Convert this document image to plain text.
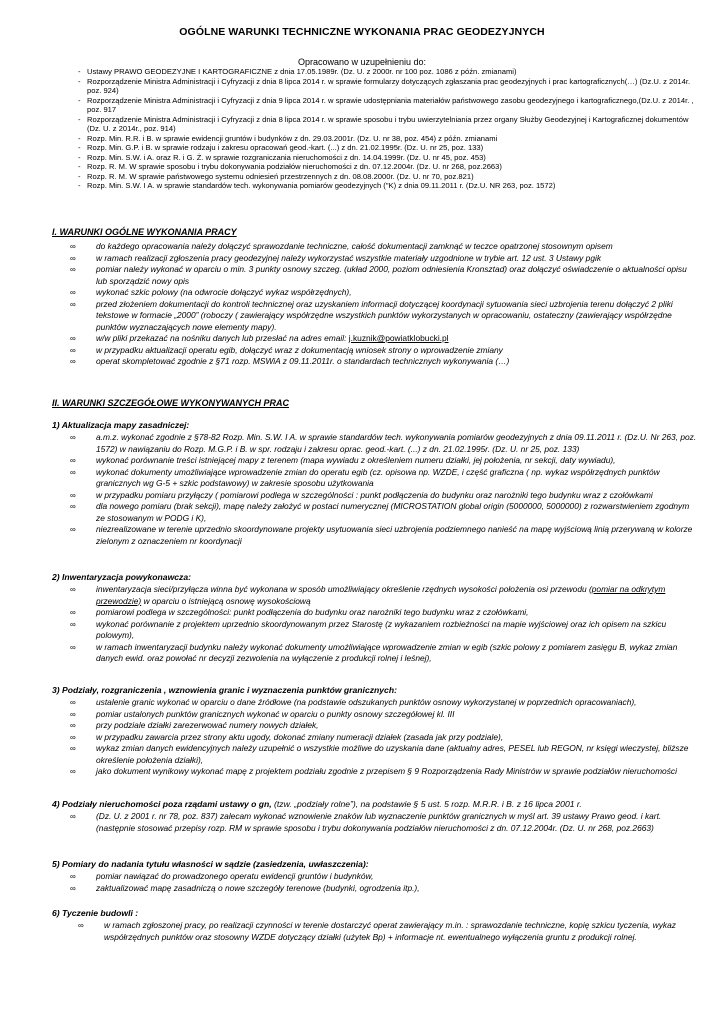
OGÓLNE WARUNKI TECHNICZNE WYKONANIA PRAC GEODEZYJNYCH
Opracowano w uzupełnieniu do:
- Ustawy PRAWO GEODEZYJNE I KARTOGRAFICZNE z dnia 17.05.1989r. (Dz. U. z 2000r. nr 100 poz. 1086 z późn. zmianami)
- Rozporządzenie Ministra Administracji i Cyfryzacji z dnia 8 lipca 2014 r. w sprawie formularzy dotyczących zgłaszania prac geodezyjnych i prac kartograficznych(…) (Dz.U. z 2014r. poz. 924)
- Rozporządzenie Ministra Administracji i Cyfryzacji z dnia 9 lipca 2014 r. w sprawie udostępniania materiałów państwowego zasobu geodezyjnego i kartograficznego,(Dz.U. z 2014r. , poz. 917
- Rozporządzenie Ministra Administracji i Cyfryzacji z dnia 8 lipca 2014 r. w sprawie sposobu i trybu uwierzytelniania przez organy Służby Geodezyjnej i Kartograficznej dokumentów (Dz. U. z 2014r., poz. 914)
- Rozp. Min. R.R. i B. w sprawie ewidencji gruntów i budynków z dn. 29.03.2001r. (Dz. U. nr 38, poz. 454) z późn. zmianami
- Rozp. Min. G.P. i B. w sprawie rodzaju i zakresu opracowań geod.-kart. (...) z dn. 21.02.1995r. (Dz. U. nr 25, poz. 133)
- Rozp. Min. S.W. i A. oraz R. i G. Ż. w sprawie rozgraniczania nieruchomości z dn. 14.04.1999r. (Dz. U. nr 45, poz. 453)
- Rozp. R. M. W sprawie sposobu i trybu dokonywania podziałów nieruchomości z dn. 07.12.2004r. (Dz. U. nr 268, poz.2663)
- Rozp. R. M. W sprawie państwowego systemu odniesień przestrzennych z dn. 08.08.2000r. (Dz. U. nr 70, poz.821)
- Rozp. Min. S.W. I A. w sprawie standardów tech. wykonywania pomiarów geodezyjnych ("K) z dnia 09.11.2011 r. (Dz.U. NR 263, poz. 1572)
I. WARUNKI OGÓLNE WYKONANIA PRACY
∞	do każdego opracowania należy dołączyć sprawozdanie techniczne, całość dokumentacji zamknąć w teczce opatrzonej stosownym opisem
∞	w ramach realizacji zgłoszenia pracy geodezyjnej należy wykorzystać wszystkie materiały uzgodnione w trybie art. 12 ust. 3 Ustawy pgik
∞	pomiar należy wykonać w oparciu o min. 3 punkty osnowy szczeg. (układ 2000, poziom odniesienia Kronsztad) oraz dołączyć oświadczenie o aktualności opisu lub sporządzić nowy opis
∞	wykonać szkic polowy (na odwrocie dołączyć wykaz współrzędnych),
∞	przed złożeniem dokumentacji do kontroli technicznej oraz uzyskaniem informacji dotyczącej koordynacji sytuowania sieci uzbrojenia terenu dołączyć 2 pliki tekstowe w formacie „2000” (roboczy ( zawierający współrzędne wszystkich punktów wykorzystanych w opracowaniu, ostateczny (zawierający współrzędne punktów wyznaczających nowe elementy mapy).
∞	w/w pliki przekazać na nośniku danych lub przesłać na adres email: j.kuznik@powiatklobucki.pl
∞	w przypadku aktualizacji operatu egib, dołączyć wraz z dokumentacją wniosek strony o wprowadzenie zmiany
∞	operat skompletować zgodnie z §71 rozp. MSWiA z 09.11.2011r. o standardach technicznych wykonywania (…)
II. WARUNKI SZCZEGÓŁOWE WYKONYWANYCH PRAC
1) Aktualizacja mapy zasadniczej:
∞	a.m.z. wykonać zgodnie z §78-82 Rozp. Min. S.W. I A. w sprawie standardów tech. wykonywania pomiarów geodezyjnych z dnia 09.11.2011 r. (Dz.U. Nr 263, poz. 1572) w nawiązaniu do Rozp. M.G.P. i B. w spr. rodzaju i zakresu oprac. geod.-kart. (...) z dn. 21.02.1995r. (Dz. U. nr 25, poz. 133)
∞	wykonać porównanie treści istniejącej mapy z terenem (mapa wywiadu z określeniem numeru działki, jej położenia, nr sekcji, daty wywiadu),
∞	wykonać dokumenty umożliwiające wprowadzenie zmian do operatu egib (cz. opisowa np. WZDE, i część graficzna ( np. wykaz współrzędnych punktów granicznych wg G-5 + szkic podstawowy) w zakresie sposobu użytkowania
∞	w przypadku pomiaru przyłączy ( pomiarowi podlega w szczególności : punkt podłączenia do budynku oraz narożniki tego budynku wraz z czołówkami
∞	dla nowego pomiaru (brak sekcji), mapę należy założyć w postaci numerycznej (MICROSTATION global origin (5000000, 5000000) z rozwarstwieniem zgodnym ze stosowanym w PODG i K),
∞	niezrealizowane w terenie uprzednio skoordynowane projekty usytuowania sieci uzbrojenia podziemnego nanieść na mapę wyjściową linią przerywaną w kolorze zielonym z oznaczeniem nr koordynacji
2) Inwentaryzacja powykonawcza:
∞	inwentaryzacja sieci/przyłącza winna być wykonana w sposób umożliwiający określenie rzędnych wysokości położenia osi przewodu (pomiar na odkrytym przewodzie) w oparciu o istniejącą osnowę wysokościową
∞	pomiarowi podlega w szczególności: punkt podłączenia do budynku oraz narożniki tego budynku wraz z czołówkami,
∞	wykonać porównanie z projektem uprzednio skoordynowanym przez Starostę (z wykazaniem rozbieżności na mapie wyjściowej oraz ich opisem na szkicu polowym),
∞	w ramach inwentaryzacji budynku należy wykonać dokumenty umożliwiające wprowadzenie zmian w egib (szkic polowy z pomiarem zasięgu B, wykaz zmian danych ewid. oraz powołać nr decyzji zezwolenia na wyłączenie z produkcji rolnej i leśnej),
3) Podziały, rozgraniczenia , wznowienia granic i wyznaczenia punktów granicznych:
∞	ustalenie granic wykonać w oparciu o dane źródłowe (na podstawie odszukanych punktów osnowy wykorzystanej w poprzednich opracowaniach),
∞	pomiar ustalonych punktów granicznych wykonać w oparciu o punkty osnowy szczegółowej kl. III
∞	przy podziale działki zarezerwować numery nowych działek,
∞	w przypadku zawarcia przez strony aktu ugody, dokonać zmiany numeracji działek (zasada jak przy podziale),
∞	wykaz zmian danych ewidencyjnych należy uzupełnić o wszystkie możliwe do uzyskania dane (aktualny adres, PESEL lub REGON, nr księgi wieczystej, bliższe określenie położenia działki),
∞	jako dokument wynikowy wykonać mapę z projektem podziału zgodnie z przepisem § 9 Rozporządzenia Rady Ministrów w sprawie podziałów nieruchomości
4) Podziały nieruchomości poza rządami ustawy o gn, (tzw. „podziały rolne”), na podstawie § 5 ust. 5 rozp. M.R.R. i B. z 16 lipca 2001 r.
∞	(Dz. U. z 2001 r. nr 78, poz. 837) zalecam wykonać wznowienie znaków lub wyznaczenie punktów granicznych w myśl art. 39 ustawy Prawo geod. i kart. (następnie stosować przepisy rozp. RM w sprawie sposobu i trybu dokonywania podziałów nieruchomości z dn. 07.12.2004r. (Dz. U. nr 268, poz.2663)
5) Pomiary do nadania tytułu własności w sądzie (zasiedzenia, uwłaszczenia):
∞	pomiar nawiązać do prowadzonego operatu ewidencji gruntów i budynków,
∞	zaktualizować mapę zasadniczą o nowe szczegóły terenowe (budynki, ogrodzenia itp.),
6) Tyczenie budowli :
∞	w ramach zgłoszonej pracy, po realizacji czynności w terenie dostarczyć operat zawierający m.in. : sprawozdanie techniczne, kopię szkicu tyczenia, wykaz współrzędnych punktów oraz stosowny WZDE dotyczący działki (użytek Bp) + informacje nt. ewentualnego wyłączenia gruntu z produkcji rolnej.
